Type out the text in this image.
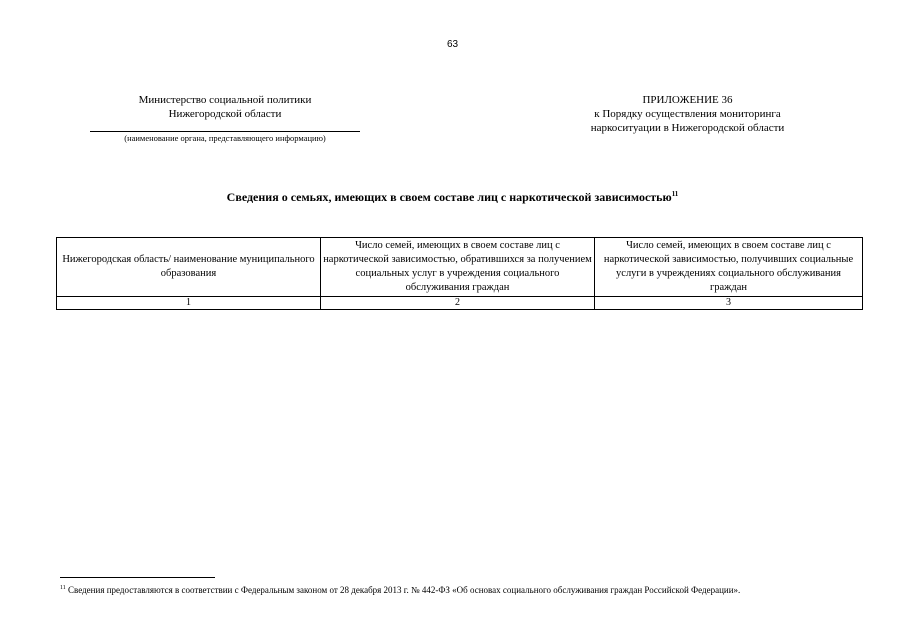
63
Министерство социальной политики
Нижегородской области
(наименование органа, представляющего информацию)
ПРИЛОЖЕНИЕ 36
к Порядку осуществления мониторинга
наркоситуации в Нижегородской области
Сведения о семьях, имеющих в своем составе лиц с наркотической зависимостью$^{11}$
Нижегородская область/ наименование муниципального образования	Число семей, имеющих в своем составе лиц с наркотической зависимостью, обратившихся за получением социальных услуг в учреждения социального обслуживания граждан	Число семей, имеющих в своем составе лиц с наркотической зависимостью, получивших социальные услуги в учреждениях социального обслуживания граждан
1	2	3
$^{11}$ Сведения предоставляются в соответствии с Федеральным законом от 28 декабря 2013 г. № 442-ФЗ «Об основах социального обслуживания граждан Российской Федерации».
